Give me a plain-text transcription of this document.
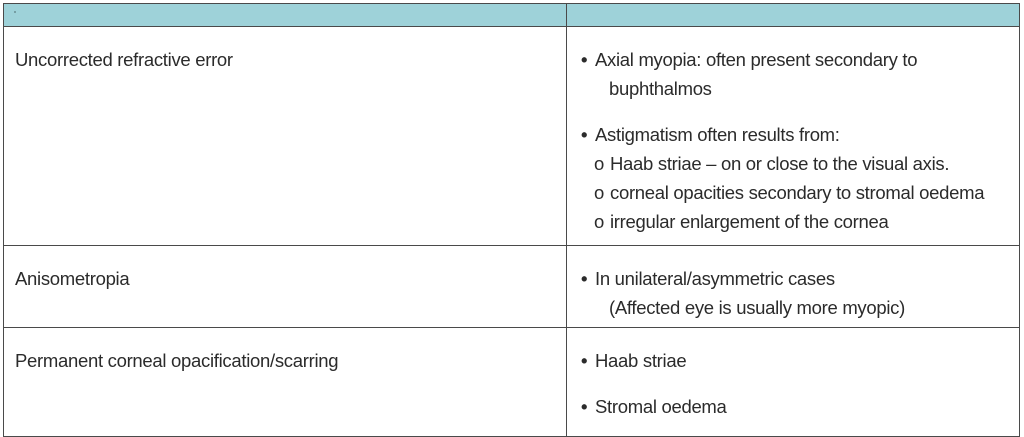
Uncorrected refractive error	• Axial myopia: often present secondary to
buphthalmos
• Astigmatism often results from:
o Haab striae – on or close to the visual axis.
o corneal opacities secondary to stromal oedema
o irregular enlargement of the cornea
Anisometropia	• In unilateral/asymmetric cases
(Affected eye is usually more myopic)
Permanent corneal opacification/scarring	• Haab striae
• Stromal oedema
